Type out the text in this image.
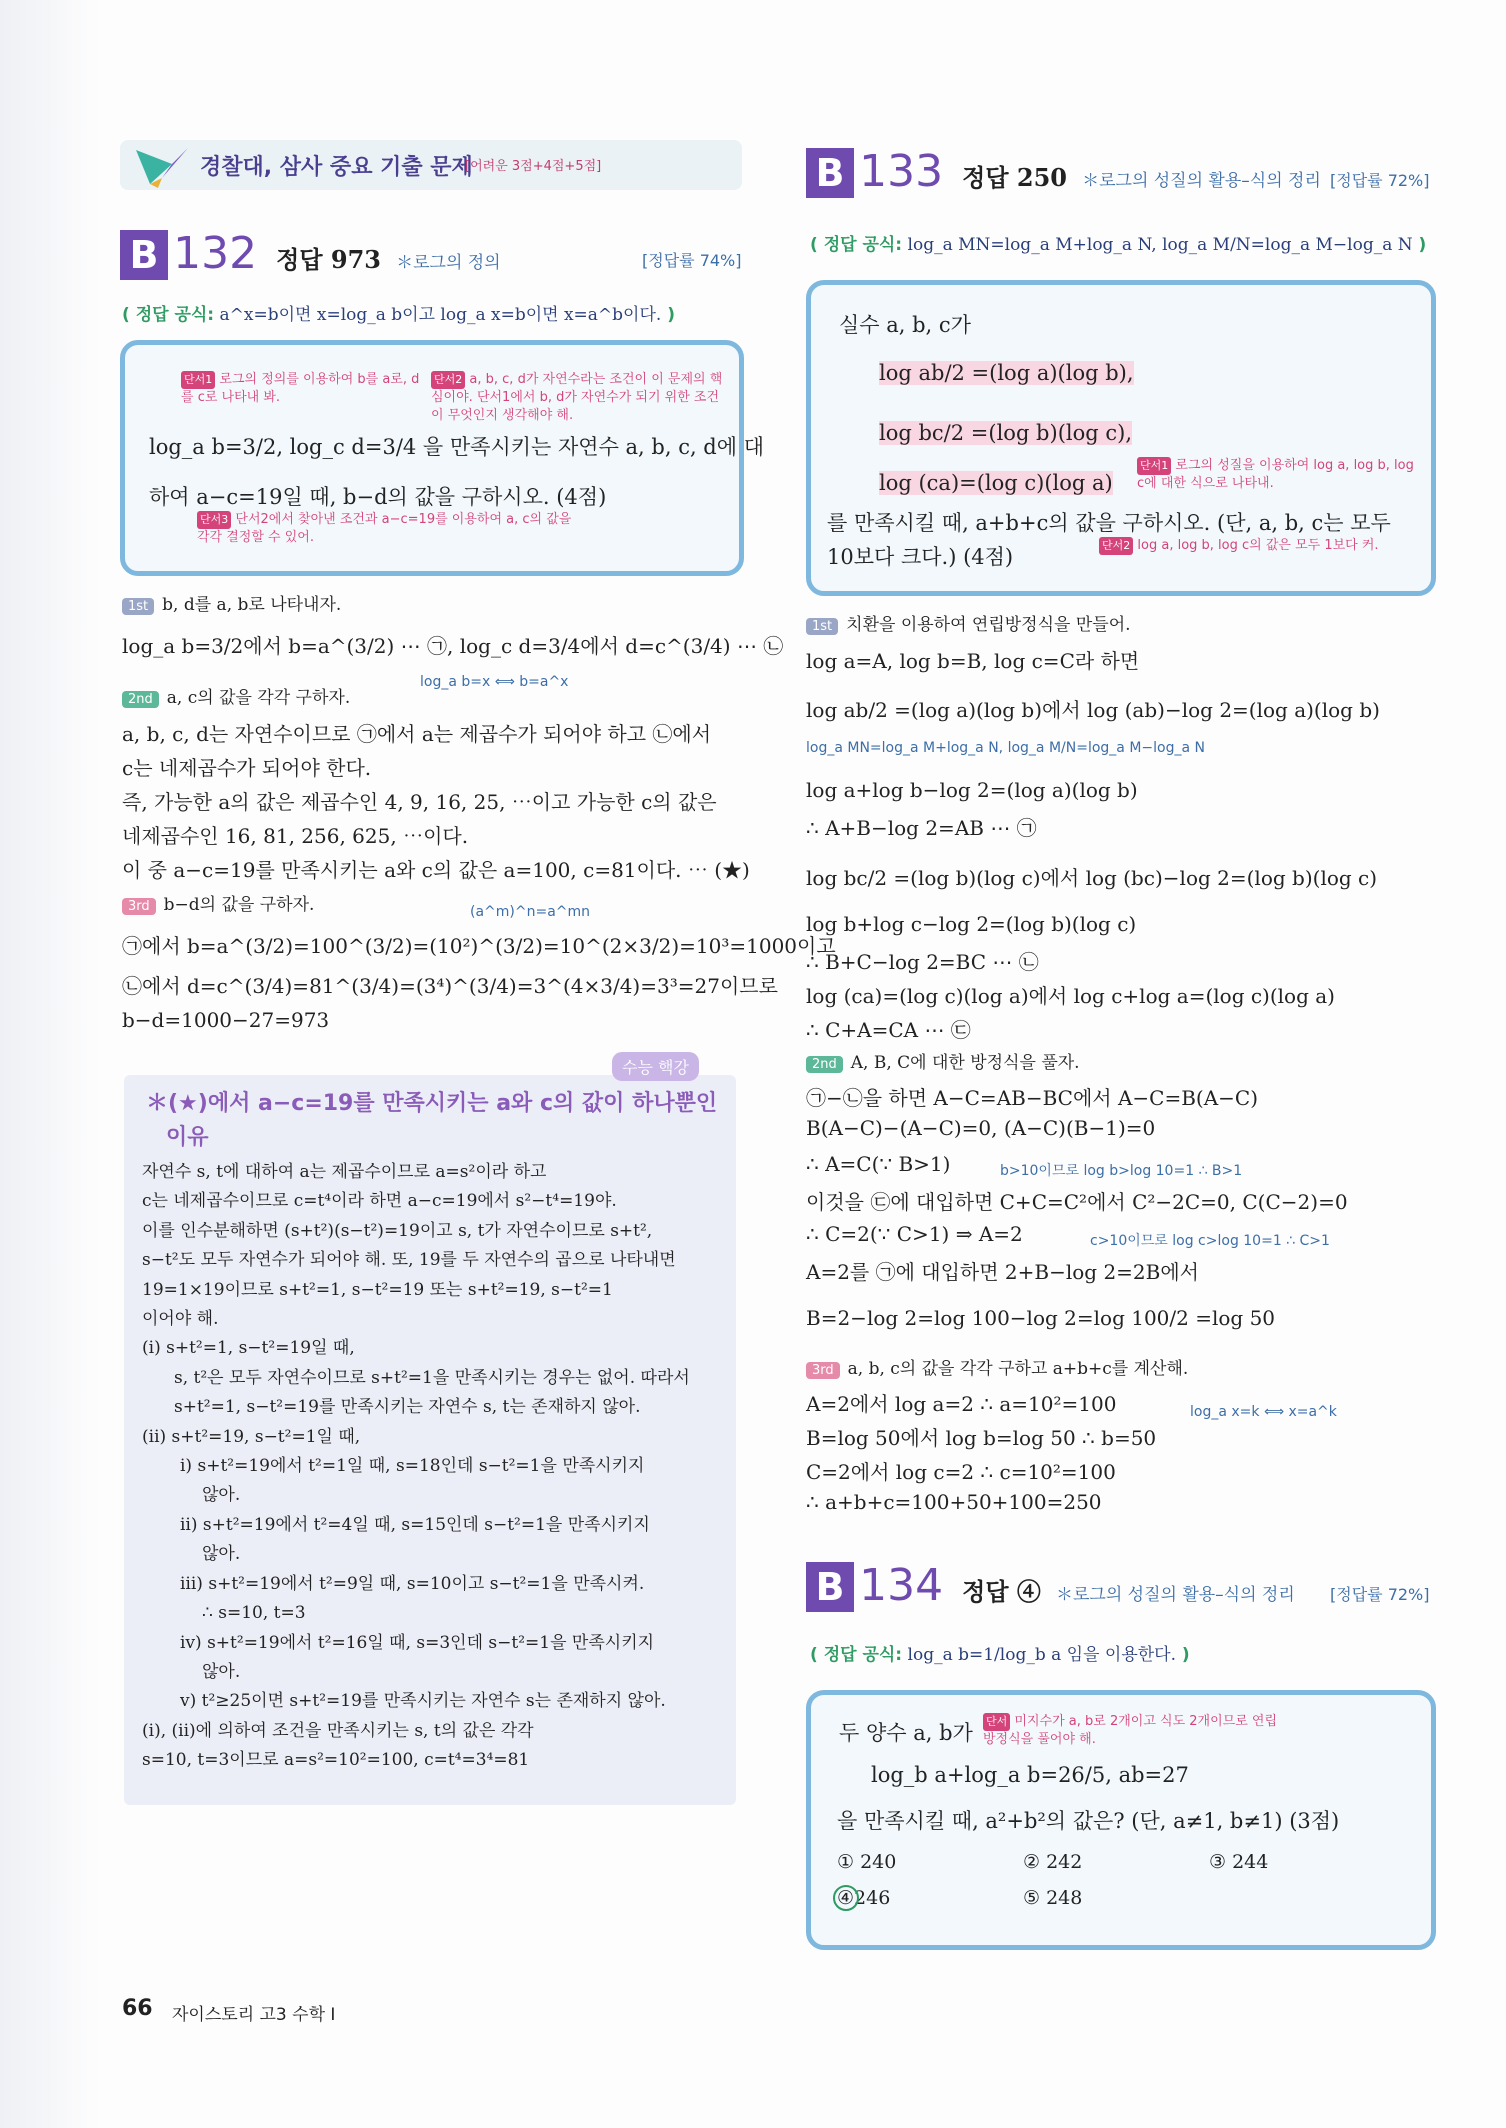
경찰대, 삼사 중요 기출 문제
[어려운 3점+4점+5점]
B 132 정답 973 ＊로그의 정의	[정답률 74%]
( 정답 공식: a^x=b이면 x=log_a b이고 log_a x=b이면 x=a^b이다. )
단서1 로그의 정의를 이용하여 b를 a로, d를 c로 나타내 봐.
단서2 a, b, c, d가 자연수라는 조건이 이 문제의 핵심이야. 단서1에서 b, d가 자연수가 되기 위한 조건이 무엇인지 생각해야 해.
log_a b=3/2, log_c d=3/4 을 만족시키는 자연수 a, b, c, d에 대
하여 a−c=19일 때, b−d의 값을 구하시오. (4점)
단서3 단서2에서 찾아낸 조건과 a−c=19를 이용하여 a, c의 값을 각각 결정할 수 있어.
1st b, d를 a, b로 나타내자.
log_a b=3/2에서 b=a^(3/2) ⋯ ㉠, log_c d=3/4에서 d=c^(3/4) ⋯ ㉡
log_a b=x ⟺ b=a^x
2nd a, c의 값을 각각 구하자.
a, b, c, d는 자연수이므로 ㉠에서 a는 제곱수가 되어야 하고 ㉡에서
c는 네제곱수가 되어야 한다.
즉, 가능한 a의 값은 제곱수인 4, 9, 16, 25, ⋯이고 가능한 c의 값은
네제곱수인 16, 81, 256, 625, ⋯이다.
이 중 a−c=19를 만족시키는 a와 c의 값은 a=100, c=81이다. ⋯ (★)
3rd b−d의 값을 구하자.	(a^m)^n=a^mn
㉠에서 b=a^(3/2)=100^(3/2)=(10²)^(3/2)=10^(2×3/2)=10³=1000이고
㉡에서 d=c^(3/4)=81^(3/4)=(3⁴)^(3/4)=3^(4×3/4)=3³=27이므로
b−d=1000−27=973
수능 핵강
＊(★)에서 a−c=19를 만족시키는 a와 c의 값이 하나뿐인
이유
자연수 s, t에 대하여 a는 제곱수이므로 a=s²이라 하고
c는 네제곱수이므로 c=t⁴이라 하면 a−c=19에서 s²−t⁴=19야.
이를 인수분해하면 (s+t²)(s−t²)=19이고 s, t가 자연수이므로 s+t²,
s−t²도 모두 자연수가 되어야 해. 또, 19를 두 자연수의 곱으로 나타내면
19=1×19이므로 s+t²=1, s−t²=19 또는 s+t²=19, s−t²=1
이어야 해.
(i) s+t²=1, s−t²=19일 때,
s, t²은 모두 자연수이므로 s+t²=1을 만족시키는 경우는 없어. 따라서
s+t²=1, s−t²=19를 만족시키는 자연수 s, t는 존재하지 않아.
(ii) s+t²=19, s−t²=1일 때,
ⅰ) s+t²=19에서 t²=1일 때, s=18인데 s−t²=1을 만족시키지
않아.
ⅱ) s+t²=19에서 t²=4일 때, s=15인데 s−t²=1을 만족시키지
않아.
ⅲ) s+t²=19에서 t²=9일 때, s=10이고 s−t²=1을 만족시켜.
∴ s=10, t=3
ⅳ) s+t²=19에서 t²=16일 때, s=3인데 s−t²=1을 만족시키지
않아.
ⅴ) t²≥25이면 s+t²=19를 만족시키는 자연수 s는 존재하지 않아.
(i), (ii)에 의하여 조건을 만족시키는 s, t의 값은 각각
s=10, t=3이므로 a=s²=10²=100, c=t⁴=3⁴=81
B 133 정답 250 ＊로그의 성질의 활용–식의 정리 [정답률 72%]
( 정답 공식: log_a MN=log_a M+log_a N, log_a M/N=log_a M−log_a N )
실수 a, b, c가
log ab/2 =(log a)(log b),
log bc/2 =(log b)(log c),
log (ca)=(log c)(log a)
단서1 로그의 성질을 이용하여 log a, log b, log c에 대한 식으로 나타내.
를 만족시킬 때, a+b+c의 값을 구하시오. (단, a, b, c는 모두
10보다 크다.) (4점)	단서2 log a, log b, log c의 값은 모두 1보다 커.
1st 치환을 이용하여 연립방정식을 만들어.
log a=A, log b=B, log c=C라 하면
log ab/2 =(log a)(log b)에서 log (ab)−log 2=(log a)(log b)
log_a MN=log_a M+log_a N, log_a M/N=log_a M−log_a N
log a+log b−log 2=(log a)(log b)
∴ A+B−log 2=AB ⋯ ㉠
log bc/2 =(log b)(log c)에서 log (bc)−log 2=(log b)(log c)
log b+log c−log 2=(log b)(log c)
∴ B+C−log 2=BC ⋯ ㉡
log (ca)=(log c)(log a)에서 log c+log a=(log c)(log a)
∴ C+A=CA ⋯ ㉢
2nd A, B, C에 대한 방정식을 풀자.
㉠−㉡을 하면 A−C=AB−BC에서 A−C=B(A−C)
B(A−C)−(A−C)=0, (A−C)(B−1)=0
∴ A=C(∵ B>1)	b>10이므로 log b>log 10=1 ∴ B>1
이것을 ㉢에 대입하면 C+C=C²에서 C²−2C=0, C(C−2)=0
∴ C=2(∵ C>1) ⇒ A=2	c>10이므로 log c>log 10=1 ∴ C>1
A=2를 ㉠에 대입하면 2+B−log 2=2B에서
B=2−log 2=log 100−log 2=log 100/2 =log 50
3rd a, b, c의 값을 각각 구하고 a+b+c를 계산해.
A=2에서 log a=2 ∴ a=10²=100	log_a x=k ⟺ x=a^k
B=log 50에서 log b=log 50 ∴ b=50
C=2에서 log c=2 ∴ c=10²=100
∴ a+b+c=100+50+100=250
B 134 정답 ④ ＊로그의 성질의 활용–식의 정리 [정답률 72%]
( 정답 공식: log_a b=1/log_b a 임을 이용한다. )
두 양수 a, b가 단서 미지수가 a, b로 2개이고 식도 2개이므로 연립방정식을 풀어야 해.
log_b a+log_a b=26/5, ab=27
을 만족시킬 때, a²+b²의 값은? (단, a≠1, b≠1) (3점)
① 240	② 242	③ 244
④246	⑤ 248
66 자이스토리 고3 수학 I
